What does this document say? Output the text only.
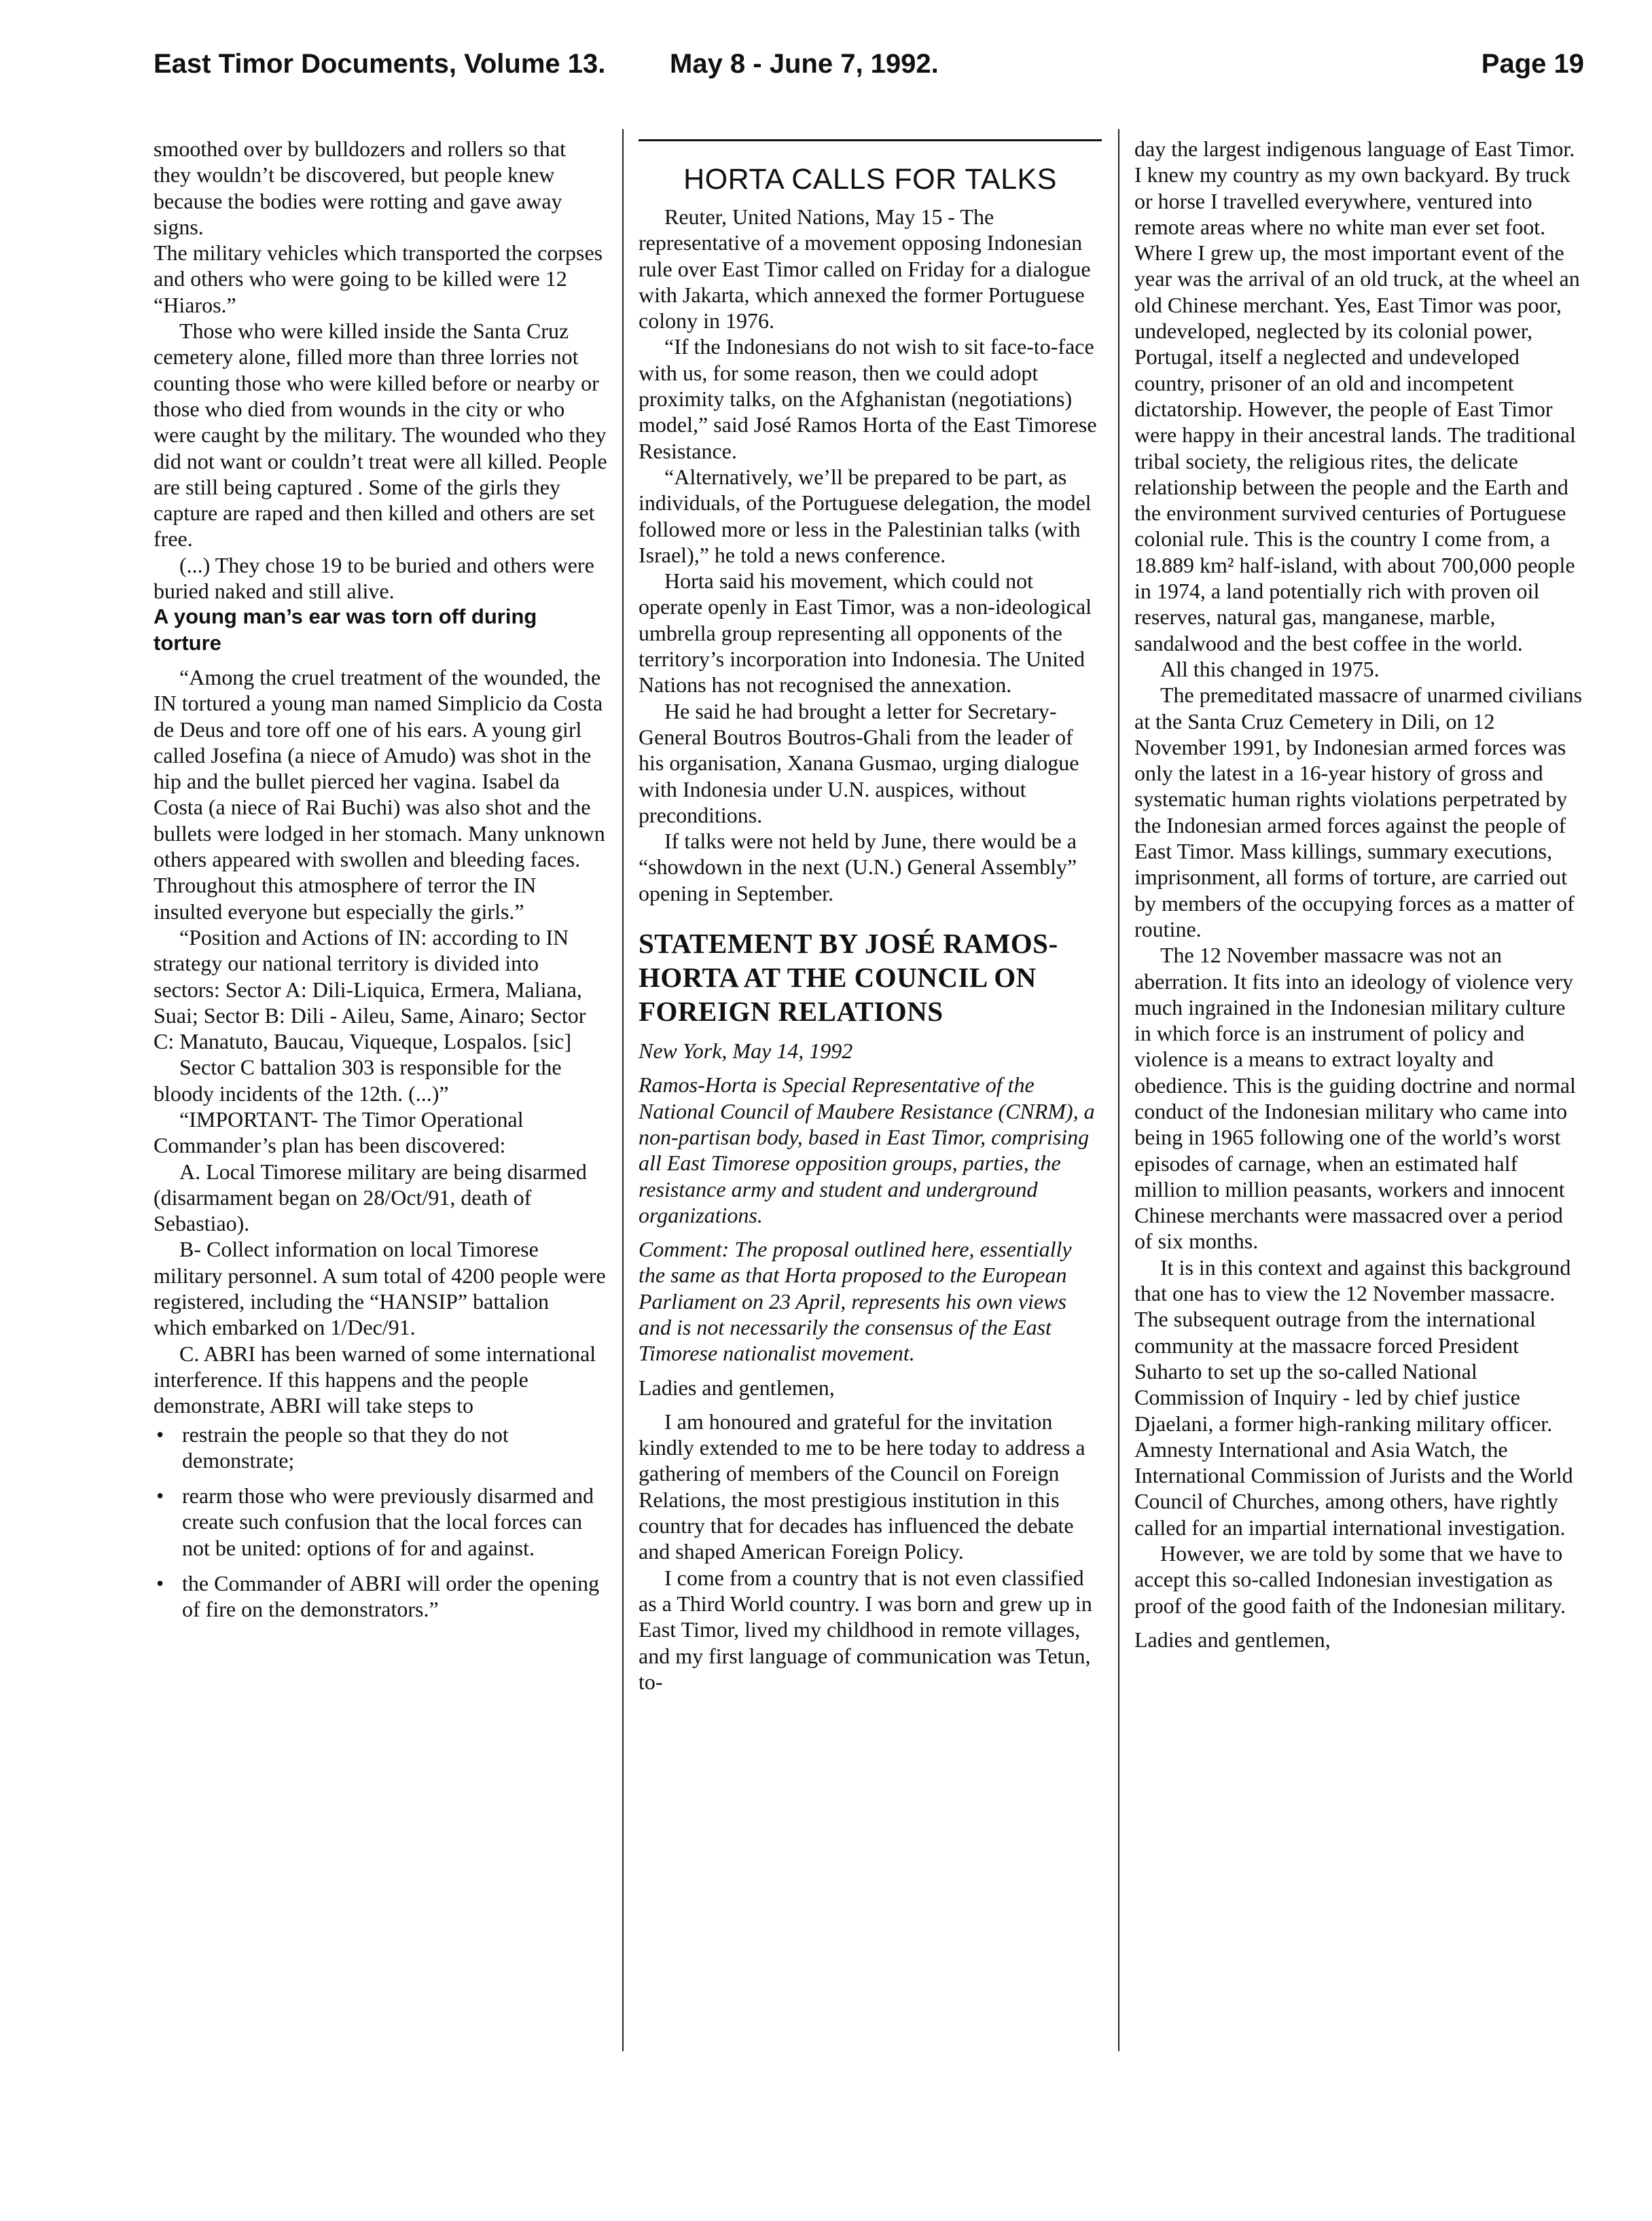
East Timor Documents, Volume 13. May 8 - June 7, 1992.	Page 19

smoothed over by bulldozers and rollers so that they wouldn’t be discovered, but people knew because the bodies were rotting and gave away signs.

The military vehicles which transported the corpses and others who were going to be killed were 12 “Hiaros.”

Those who were killed inside the Santa Cruz cemetery alone, filled more than three lorries not counting those who were killed before or nearby or those who died from wounds in the city or who were caught by the military. The wounded who they did not want or couldn’t treat were all killed. People are still being captured . Some of the girls they capture are raped and then killed and others are set free.

(...) They chose 19 to be buried and others were buried naked and still alive.

A young man’s ear was torn off during torture

“Among the cruel treatment of the wounded, the IN tortured a young man named Simplicio da Costa de Deus and tore off one of his ears. A young girl called Josefina (a niece of Amudo) was shot in the hip and the bullet pierced her vagina. Isabel da Costa (a niece of Rai Buchi) was also shot and the bullets were lodged in her stomach. Many unknown others appeared with swollen and bleeding faces. Throughout this atmosphere of terror the IN insulted everyone but especially the girls.”

“Position and Actions of IN: according to IN strategy our national territory is divided into sectors: Sector A: Dili-Liquica, Ermera, Maliana, Suai; Sector B: Dili - Aileu, Same, Ainaro; Sector C: Manatuto, Baucau, Viqueque, Lospalos. [sic]

Sector C battalion 303 is responsible for the bloody incidents of the 12th. (...)”

“IMPORTANT- The Timor Operational Commander’s plan has been discovered:

A. Local Timorese military are being disarmed (disarmament began on 28/Oct/91, death of Sebastiao).

B- Collect information on local Timorese military personnel. A sum total of 4200 people were registered, including the “HANSIP” battalion which embarked on 1/Dec/91.

C. ABRI has been warned of some international interference. If this happens and the people demonstrate, ABRI will take steps to

• restrain the people so that they do not demonstrate;
• rearm those who were previously disarmed and create such confusion that the local forces can not be united: options of for and against.
• the Commander of ABRI will order the opening of fire on the demonstrators.”
HORTA CALLS FOR TALKS

Reuter, United Nations, May 15 - The representative of a movement opposing Indonesian rule over East Timor called on Friday for a dialogue with Jakarta, which annexed the former Portuguese colony in 1976.

“If the Indonesians do not wish to sit face-to-face with us, for some reason, then we could adopt proximity talks, on the Afghanistan (negotiations) model,” said José Ramos Horta of the East Timorese Resistance.

“Alternatively, we’ll be prepared to be part, as individuals, of the Portuguese delegation, the model followed more or less in the Palestinian talks (with Israel),” he told a news conference.

Horta said his movement, which could not operate openly in East Timor, was a non-ideological umbrella group representing all opponents of the territory’s incorporation into Indonesia. The United Nations has not recognised the annexation.

He said he had brought a letter for Secretary-General Boutros Boutros-Ghali from the leader of his organisation, Xanana Gusmao, urging dialogue with Indonesia under U.N. auspices, without preconditions.

If talks were not held by June, there would be a “showdown in the next (U.N.) General Assembly” opening in September.

STATEMENT BY JOSÉ RAMOS-HORTA AT THE COUNCIL ON FOREIGN RELATIONS

New York, May 14, 1992

Ramos-Horta is Special Representative of the National Council of Maubere Resistance (CNRM), a non-partisan body, based in East Timor, comprising all East Timorese opposition groups, parties, the resistance army and student and underground organizations.

Comment: The proposal outlined here, essentially the same as that Horta proposed to the European Parliament on 23 April, represents his own views and is not necessarily the consensus of the East Timorese nationalist movement.

Ladies and gentlemen,

I am honoured and grateful for the invitation kindly extended to me to be here today to address a gathering of members of the Council on Foreign Relations, the most prestigious institution in this country that for decades has influenced the debate and shaped American Foreign Policy.

I come from a country that is not even classified as a Third World country. I was born and grew up in East Timor, lived my childhood in remote villages, and my first language of communication was Tetun, to-

day the largest indigenous language of East Timor. I knew my country as my own backyard. By truck or horse I travelled everywhere, ventured into remote areas where no white man ever set foot. Where I grew up, the most important event of the year was the arrival of an old truck, at the wheel an old Chinese merchant. Yes, East Timor was poor, undeveloped, neglected by its colonial power, Portugal, itself a neglected and undeveloped country, prisoner of an old and incompetent dictatorship. However, the people of East Timor were happy in their ancestral lands. The traditional tribal society, the religious rites, the delicate relationship between the people and the Earth and the environment survived centuries of Portuguese colonial rule. This is the country I come from, a 18.889 km² half-island, with about 700,000 people in 1974, a land potentially rich with proven oil reserves, natural gas, manganese, marble, sandalwood and the best coffee in the world.

All this changed in 1975.

The premeditated massacre of unarmed civilians at the Santa Cruz Cemetery in Dili, on 12 November 1991, by Indonesian armed forces was only the latest in a 16-year history of gross and systematic human rights violations perpetrated by the Indonesian armed forces against the people of East Timor. Mass killings, summary executions, imprisonment, all forms of torture, are carried out by members of the occupying forces as a matter of routine.

The 12 November massacre was not an aberration. It fits into an ideology of violence very much ingrained in the Indonesian military culture in which force is an instrument of policy and violence is a means to extract loyalty and obedience. This is the guiding doctrine and normal conduct of the Indonesian military who came into being in 1965 following one of the world’s worst episodes of carnage, when an estimated half million to million peasants, workers and innocent Chinese merchants were massacred over a period of six months.

It is in this context and against this background that one has to view the 12 November massacre. The subsequent outrage from the international community at the massacre forced President Suharto to set up the so-called National Commission of Inquiry - led by chief justice Djaelani, a former high-ranking military officer. Amnesty International and Asia Watch, the International Commission of Jurists and the World Council of Churches, among others, have rightly called for an impartial international investigation.

However, we are told by some that we have to accept this so-called Indonesian investigation as proof of the good faith of the Indonesian military.

Ladies and gentlemen,
